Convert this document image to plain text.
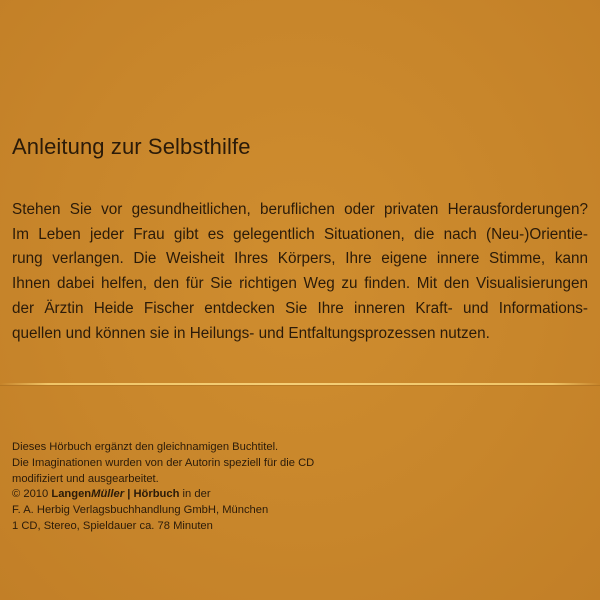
Anleitung zur Selbsthilfe

Stehen Sie vor gesundheitlichen, beruflichen oder privaten Herausforderungen?
Im Leben jeder Frau gibt es gelegentlich Situationen, die nach (Neu-)Orientie-
rung verlangen. Die Weisheit Ihres Körpers, Ihre eigene innere Stimme, kann
Ihnen dabei helfen, den für Sie richtigen Weg zu finden. Mit den Visualisierungen
der Ärztin Heide Fischer entdecken Sie Ihre inneren Kraft- und Informations-
quellen und können sie in Heilungs- und Entfaltungsprozessen nutzen.

Dieses Hörbuch ergänzt den gleichnamigen Buchtitel.
Die Imaginationen wurden von der Autorin speziell für die CD
modifiziert und ausgearbeitet.
© 2010 LangenMüller | Hörbuch in der
F. A. Herbig Verlagsbuchhandlung GmbH, München
1 CD, Stereo, Spieldauer ca. 78 Minuten
